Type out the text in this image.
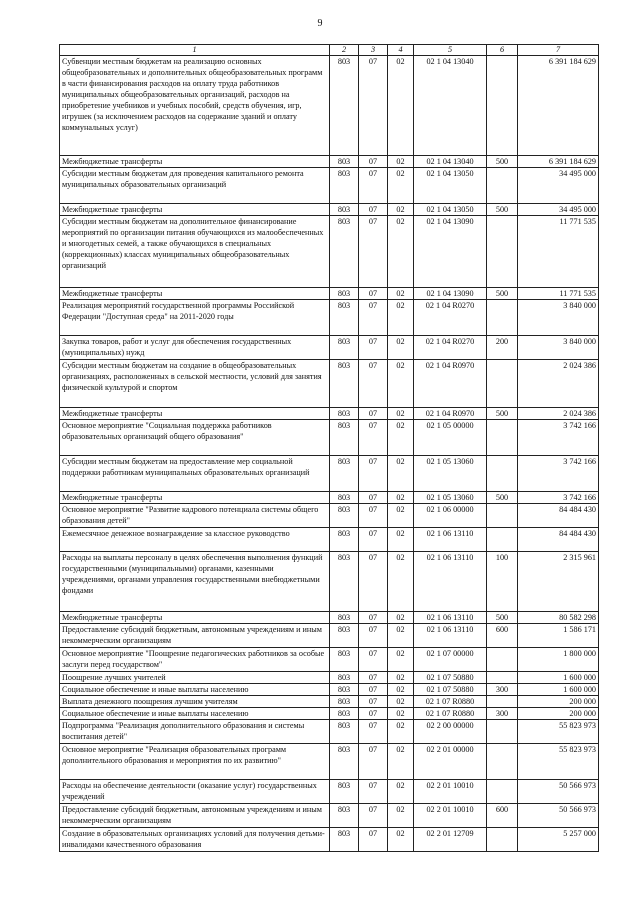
9
1	2	3	4	5	6	7
Субвенции местным бюджетам на реализацию основных общеобразовательных и дополнительных общеобразовательных программ в части финансирования расходов на оплату труда работников муниципальных общеобразовательных организаций, расходов на приобретение учебников и учебных пособий, средств обучения, игр, игрушек (за исключением расходов на содержание зданий и оплату коммунальных услуг)	803	07	02	02 1 04 13040		6 391 184 629
Межбюджетные трансферты	803	07	02	02 1 04 13040	500	6 391 184 629
Субсидии местным бюджетам для проведения капитального ремонта муниципальных образовательных организаций	803	07	02	02 1 04 13050		34 495 000
Межбюджетные трансферты	803	07	02	02 1 04 13050	500	34 495 000
Субсидии местным бюджетам на дополнительное финансирование мероприятий по организации питания обучающихся из малообеспеченных и многодетных семей, а также обучающихся в специальных (коррекционных) классах муниципальных общеобразовательных организаций	803	07	02	02 1 04 13090		11 771 535
Межбюджетные трансферты	803	07	02	02 1 04 13090	500	11 771 535
Реализация мероприятий государственной программы Российской Федерации "Доступная среда" на 2011-2020 годы	803	07	02	02 1 04 R0270		3 840 000
Закупка товаров, работ и услуг для обеспечения государственных (муниципальных) нужд	803	07	02	02 1 04 R0270	200	3 840 000
Субсидии местным бюджетам на создание в общеобразовательных организациях, расположенных в сельской местности, условий для занятия физической культурой и спортом	803	07	02	02 1 04 R0970		2 024 386
Межбюджетные трансферты	803	07	02	02 1 04 R0970	500	2 024 386
Основное мероприятие "Социальная поддержка работников образовательных организаций общего образования"	803	07	02	02 1 05 00000		3 742 166
Субсидии местным бюджетам на предоставление мер социальной поддержки работникам муниципальных образовательных организаций	803	07	02	02 1 05 13060		3 742 166
Межбюджетные трансферты	803	07	02	02 1 05 13060	500	3 742 166
Основное мероприятие "Развитие кадрового потенциала системы общего образования детей"	803	07	02	02 1 06 00000		84 484 430
Ежемесячное денежное вознаграждение за классное руководство	803	07	02	02 1 06 13110		84 484 430
Расходы на выплаты персоналу в целях обеспечения выполнения функций государственными (муниципальными) органами, казенными учреждениями, органами управления государственными внебюджетными фондами	803	07	02	02 1 06 13110	100	2 315 961
Межбюджетные трансферты	803	07	02	02 1 06 13110	500	80 582 298
Предоставление субсидий бюджетным, автономным учреждениям и иным некоммерческим организациям	803	07	02	02 1 06 13110	600	1 586 171
Основное мероприятие "Поощрение педагогических работников за особые заслуги перед государством"	803	07	02	02 1 07 00000		1 800 000
Поощрение лучших учителей	803	07	02	02 1 07 50880		1 600 000
Социальное обеспечение и иные выплаты населению	803	07	02	02 1 07 50880	300	1 600 000
Выплата денежного поощрения лучшим учителям	803	07	02	02 1 07 R0880		200 000
Социальное обеспечение и иные выплаты населению	803	07	02	02 1 07 R0880	300	200 000
Подпрограмма "Реализация дополнительного образования и системы воспитания детей"	803	07	02	02 2 00 00000		55 823 973
Основное мероприятие "Реализация образовательных программ дополнительного образования и мероприятия по их развитию"	803	07	02	02 2 01 00000		55 823 973
Расходы на обеспечение деятельности (оказание услуг) государственных учреждений	803	07	02	02 2 01 10010		50 566 973
Предоставление субсидий бюджетным, автономным учреждениям и иным некоммерческим организациям	803	07	02	02 2 01 10010	600	50 566 973
Создание в образовательных организациях условий для получения детьми-инвалидами качественного образования	803	07	02	02 2 01 12709		5 257 000
